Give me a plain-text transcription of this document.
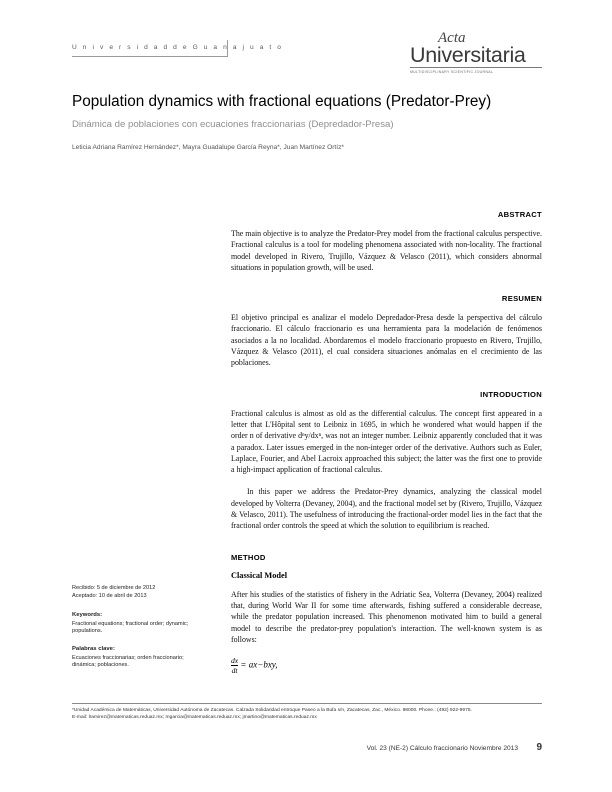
U n i v e r s i d a d d e G u a n a j u a t o
Acta
Universitaria
MULTIDISCIPLINARY SCIENTIFIC JOURNAL
Population dynamics with fractional equations (Predator-Prey)
Dinámica de poblaciones con ecuaciones fraccionarias (Depredador-Presa)
Leticia Adriana Ramírez Hernández*, Mayra Guadalupe García Reyna*, Juan Martínez Ortíz*
ABSTRACT

The main objective is to analyze the Predator-Prey model from the fractional calculus perspective. Fractional calculus is a tool for modeling phenomena associated with non-locality. The fractional model developed in Rivero, Trujillo, Vázquez & Velasco (2011), which considers abnormal situations in population growth, will be used.

RESUMEN

El objetivo principal es analizar el modelo Depredador-Presa desde la perspectiva del cálculo fraccionario. El cálculo fraccionario es una herramienta para la modelación de fenómenos asociados a la no localidad. Abordaremos el modelo fraccionario propuesto en Rivero, Trujillo, Vázquez & Velasco (2011), el cual considera situaciones anómalas en el crecimiento de las poblaciones.

INTRODUCTION

Fractional calculus is almost as old as the differential calculus. The concept first appeared in a letter that L'Hôpital sent to Leibniz in 1695, in which he wondered what would happen if the order n of derivative dⁿy/dxⁿ, was not an integer number. Leibniz apparently concluded that it was a paradox. Later issues emerged in the non-integer order of the derivative. Authors such as Euler, Laplace, Fourier, and Abel Lacroix approached this subject; the latter was the first one to provide a high-impact application of fractional calculus.

In this paper we address the Predator-Prey dynamics, analyzing the classical model developed by Volterra (Devaney, 2004), and the fractional model set by (Rivero, Trujillo, Vázquez & Velasco, 2011). The usefulness of introducing the fractional-order model lies in the fact that the fractional order controls the speed at which the solution to equilibrium is reached.

METHOD
Classical Model

After his studies of the statistics of fishery in the Adriatic Sea, Volterra (Devaney, 2004) realized that, during World War II for some time afterwards, fishing suffered a considerable decrease, while the predator population increased. This phenomenon motivated him to build a general model to describe the predator-prey population's interaction. The well-known system is as follows:

$\frac{dx}{dt} = ax-bxy$,
Recibido: 5 de diciembre de 2012
Aceptado: 10 de abril de 2013
Keywords:
Fractional equations; fractional order; dynamic; populations.
Palabras clave:
Ecuaciones fraccionarias; orden fraccionario; dinámica; poblaciones.
*Unidad Académica de Matemáticas, Universidad Autónoma de Zacatecas. Calzada Solidaridad entroque Paseo a la Bufa s/n, Zacatecas, Zac., México. 98000. Phone.: (492) 922-9975.
E-mail: lramirez@matematicas.reduaz.mx; mgarcia@matematicas.reduaz.mx; jmartino@matematicas.reduaz.mx
Vol. 23 (NE-2) Cálculo fraccionario Noviembre 2013	9
